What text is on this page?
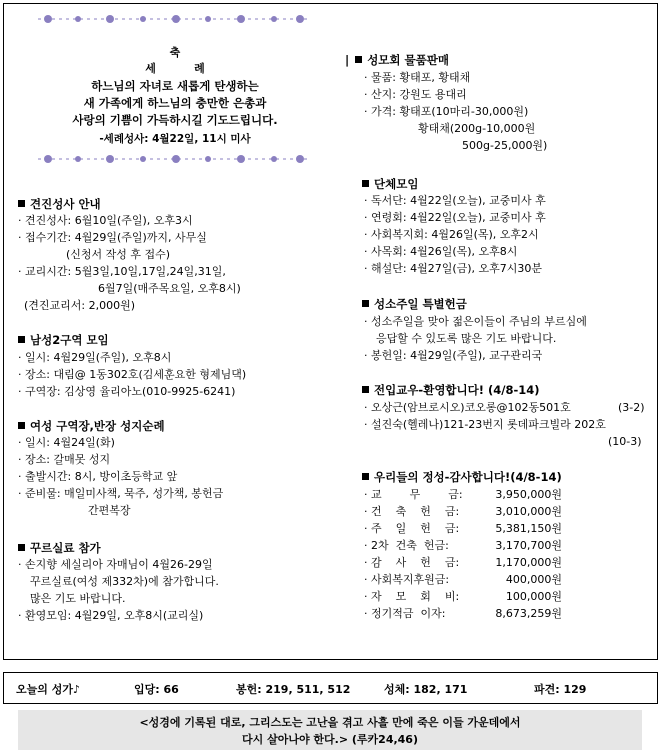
축
세          례
하느님의 자녀로 새롭게 탄생하는
새 가족에게 하느님의 충만한 은총과
사랑의 기쁨이 가득하시길 기도드립니다.
-세례성사: 4월22일, 11시 미사
견진성사 안내
· 견진성사: 6월10일(주일), 오후3시
· 접수기간: 4월29일(주일)까지, 사무실
(신청서 작성 후 접수)
· 교리시간: 5월3일,10일,17일,24일,31일,
6월7일(매주목요일, 오후8시)
(견진교리서: 2,000원)
남성2구역 모임
· 일시: 4월29일(주일), 오후8시
· 장소: 대림@ 1동302호(김세훈요한 형제님댁)
· 구역장: 김상영 율리아노(010-9925-6241)
여성 구역장,반장 성지순례
· 일시: 4월24일(화)
· 장소: 갈매못 성지
· 출발시간: 8시, 방이초등학교 앞
· 준비물: 매일미사책, 묵주, 성가책, 봉헌금
간편복장
꾸르실료 참가
· 손지향 세실리아 자매님이 4월26-29일
꾸르실료(여성 제332차)에 참가합니다.
많은 기도 바랍니다.
· 환영모임: 4월29일, 오후8시(교리실)
| 성모회 물품판매
· 물품: 황태포, 황태채
· 산지: 강원도 용대리
· 가격: 황태포(10마리-30,000원)
황태채(200g-10,000원
500g-25,000원)
단체모임
· 독서단: 4월22일(오늘), 교중미사 후
· 연령회: 4월22일(오늘), 교중미사 후
· 사회복지회: 4월26일(목), 오후2시
· 사목회: 4월26일(목), 오후8시
· 해설단: 4월27일(금), 오후7시30분
성소주일 특별헌금
· 성소주일을 맞아 젊은이들이 주님의 부르심에
응답할 수 있도록 많은 기도 바랍니다.
· 봉헌일: 4월29일(주일), 교구관리국
전입교우-환영합니다! (4/8-14)
· 오상근(암브로시오)코오롱@102동501호	(3-2)
· 설진숙(헬레나)121-23번지 롯데파크빌라 202호
(10-3)
우리들의 정성-감사합니다!(4/8-14)
· 교        무        금:	3,950,000원
· 건    축    헌    금:	3,010,000원
· 주    일    헌    금:	5,381,150원
· 2차  건축  헌금:	3,170,700원
· 감    사    헌    금:	1,170,000원
· 사회복지후원금:	400,000원
· 자    모    회    비:	100,000원
· 정기적금  이자:	8,673,259원
오늘의 성가♪	입당: 66	봉헌: 219, 511, 512	성체: 182, 171	파견: 129
<성경에 기록된 대로, 그리스도는 고난을 겪고 사흘 만에 죽은 이들 가운데에서
다시 살아나야 한다.> (루카24,46)
